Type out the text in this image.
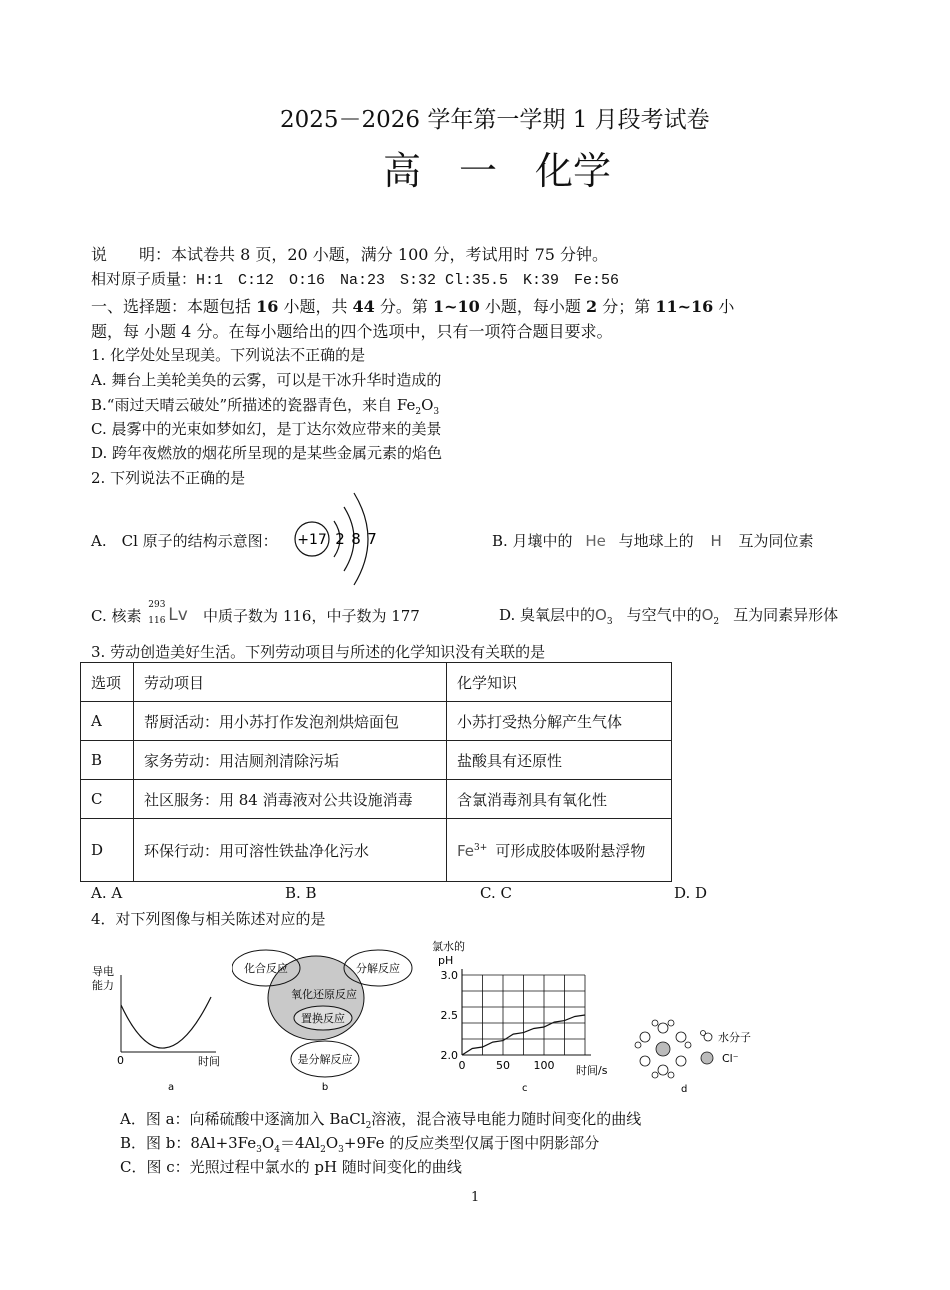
2025－2026 学年第一学期 1 月段考试卷
高　一　化学
说　　明：本试卷共 8 页，20 小题，满分 100 分，考试用时 75 分钟。
相对原子质量：H:1　C:12　O:16　Na:23　S:32 Cl:35.5　K:39　Fe:56
一、选择题：本题包括 16 小题，共 44 分。第 1~10 小题，每小题 2 分；第 11~16 小
题，每 小题 4 分。在每小题给出的四个选项中，只有一项符合题目要求。
1. 化学处处呈现美。下列说法不正确的是
A. 舞台上美轮美奂的云雾，可以是干冰升华时造成的
B.“雨过天晴云破处”所描述的瓷器青色，来自 $Fe_2O_3$
C. 晨雾中的光束如梦如幻，是丁达尔效应带来的美景
D. 跨年夜燃放的烟花所呈现的是某些金属元素的焰色
2. 下列说法不正确的是
A.　Cl 原子的结构示意图： +17 2 8 7	B. 月壤中的 He 与地球上的 H 互为同位素
C. 核素
293
116 Lv 中质子数为 116，中子数为 177	D. 臭氧层中的$O_3$ 与空气中的$O_2$ 互为同素异形体
3. 劳动创造美好生活。下列劳动项目与所述的化学知识没有关联的是
选项	劳动项目	化学知识
A	帮厨活动：用小苏打作发泡剂烘焙面包	小苏打受热分解产生气体
B	家务劳动：用洁厕剂清除污垢	盐酸具有还原性
C	社区服务：用 84 消毒液对公共设施消毒	含氯消毒剂具有氧化性
D	环保行动：用可溶性铁盐净化污水	$Fe^{3+}$ 可形成胶体吸附悬浮物
A. A	B. B	C. C	D. D
4．对下列图像与相关陈述对应的是
导电
能力
0	时间
a
化合反应	分解反应
氧化还原反应
置换反应
是分解反应
b
氯水的
pH
3.0
2.5
2.0
0	50 100 时间/s
c
水分子
Cl⁻
d
A．图 a：向稀硫酸中逐滴加入 BaCl$_2$溶液，混合液导电能力随时间变化的曲线
B．图 b：$8Al+3Fe_3O_4=4Al_2O_3+9Fe$ 的反应类型仅属于图中阴影部分
C．图 c：光照过程中氯水的 pH 随时间变化的曲线
1
